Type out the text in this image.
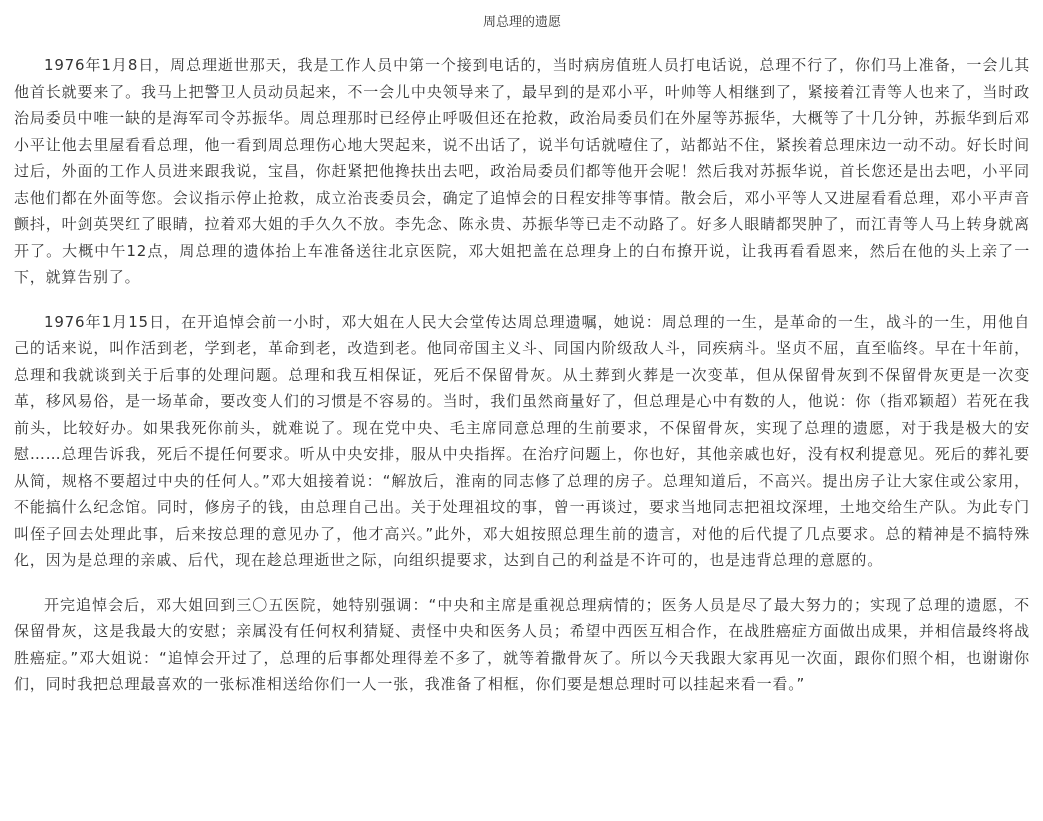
周总理的遗愿

1976年1月8日，周总理逝世那天，我是工作人员中第一个接到电话的，当时病房值班人员打电话说，总理不行了，你们马上准备，一会儿其他首长就要来了。我马上把警卫人员动员起来，不一会儿中央领导来了，最早到的是邓小平，叶帅等人相继到了，紧接着江青等人也来了，当时政治局委员中唯一缺的是海军司令苏振华。周总理那时已经停止呼吸但还在抢救，政治局委员们在外屋等苏振华，大概等了十几分钟，苏振华到后邓小平让他去里屋看看总理，他一看到周总理伤心地大哭起来，说不出话了，说半句话就噎住了，站都站不住，紧挨着总理床边一动不动。好长时间过后，外面的工作人员进来跟我说，宝昌，你赶紧把他搀扶出去吧，政治局委员们都等他开会呢！然后我对苏振华说，首长您还是出去吧，小平同志他们都在外面等您。会议指示停止抢救，成立治丧委员会，确定了追悼会的日程安排等事情。散会后，邓小平等人又进屋看看总理，邓小平声音颤抖，叶剑英哭红了眼睛，拉着邓大姐的手久久不放。李先念、陈永贵、苏振华等已走不动路了。好多人眼睛都哭肿了，而江青等人马上转身就离开了。大概中午12点，周总理的遗体抬上车准备送往北京医院，邓大姐把盖在总理身上的白布撩开说，让我再看看恩来，然后在他的头上亲了一下，就算告别了。

1976年1月15日，在开追悼会前一小时，邓大姐在人民大会堂传达周总理遗嘱，她说：周总理的一生，是革命的一生，战斗的一生，用他自己的话来说，叫作活到老，学到老，革命到老，改造到老。他同帝国主义斗、同国内阶级敌人斗，同疾病斗。坚贞不屈，直至临终。早在十年前，总理和我就谈到关于后事的处理问题。总理和我互相保证，死后不保留骨灰。从土葬到火葬是一次变革，但从保留骨灰到不保留骨灰更是一次变革，移风易俗，是一场革命，要改变人们的习惯是不容易的。当时，我们虽然商量好了，但总理是心中有数的人，他说：你（指邓颖超）若死在我前头，比较好办。如果我死你前头，就难说了。现在党中央、毛主席同意总理的生前要求，不保留骨灰，实现了总理的遗愿，对于我是极大的安慰……总理告诉我，死后不提任何要求。听从中央安排，服从中央指挥。在治疗问题上，你也好，其他亲戚也好，没有权利提意见。死后的葬礼要从简，规格不要超过中央的任何人。”邓大姐接着说：“解放后，淮南的同志修了总理的房子。总理知道后，不高兴。提出房子让大家住或公家用，不能搞什么纪念馆。同时，修房子的钱，由总理自己出。关于处理祖坟的事，曾一再谈过，要求当地同志把祖坟深埋，土地交给生产队。为此专门叫侄子回去处理此事，后来按总理的意见办了，他才高兴。”此外，邓大姐按照总理生前的遗言，对他的后代提了几点要求。总的精神是不搞特殊化，因为是总理的亲戚、后代，现在趁总理逝世之际，向组织提要求，达到自己的利益是不许可的，也是违背总理的意愿的。

开完追悼会后，邓大姐回到三〇五医院，她特别强调：“中央和主席是重视总理病情的；医务人员是尽了最大努力的；实现了总理的遗愿，不保留骨灰，这是我最大的安慰；亲属没有任何权利猜疑、责怪中央和医务人员；希望中西医互相合作，在战胜癌症方面做出成果，并相信最终将战胜癌症。”邓大姐说：“追悼会开过了，总理的后事都处理得差不多了，就等着撒骨灰了。所以今天我跟大家再见一次面，跟你们照个相，也谢谢你们，同时我把总理最喜欢的一张标准相送给你们一人一张，我准备了相框，你们要是想总理时可以挂起来看一看。”
